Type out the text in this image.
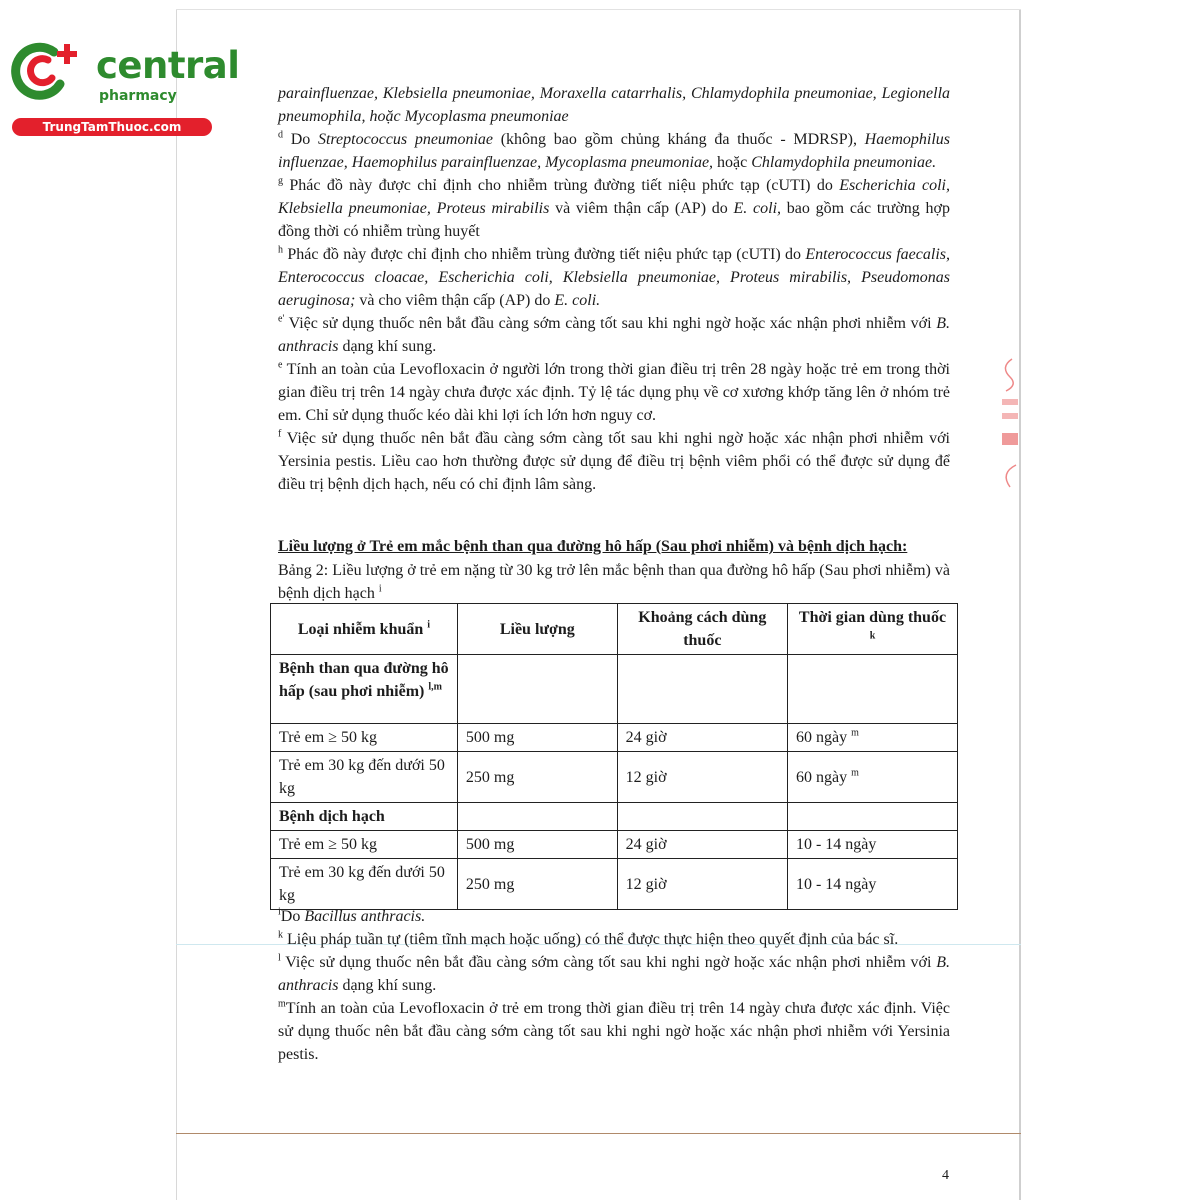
central
pharmacy
TrungTamThuoc.com

parainfluenzae, Klebsiella pneumoniae, Moraxella catarrhalis, Chlamydophila pneumoniae, Legionella pneumophila, hoặc Mycoplasma pneumoniae

$^d$ Do Streptococcus pneumoniae (không bao gồm chủng kháng đa thuốc - MDRSP), Haemophilus influenzae, Haemophilus parainfluenzae, Mycoplasma pneumoniae, hoặc Chlamydophila pneumoniae.

$^g$ Phác đồ này được chỉ định cho nhiễm trùng đường tiết niệu phức tạp (cUTI) do Escherichia coli, Klebsiella pneumoniae, Proteus mirabilis và viêm thận cấp (AP) do E. coli, bao gồm các trường hợp đồng thời có nhiễm trùng huyết

$^h$ Phác đồ này được chỉ định cho nhiễm trùng đường tiết niệu phức tạp (cUTI) do Enterococcus faecalis, Enterococcus cloacae, Escherichia coli, Klebsiella pneumoniae, Proteus mirabilis, Pseudomonas aeruginosa; và cho viêm thận cấp (AP) do E. coli.

$^{e'}$ Việc sử dụng thuốc nên bắt đầu càng sớm càng tốt sau khi nghi ngờ hoặc xác nhận phơi nhiễm với B. anthracis dạng khí sung.

$^e$ Tính an toàn của Levofloxacin ở người lớn trong thời gian điều trị trên 28 ngày hoặc trẻ em trong thời gian điều trị trên 14 ngày chưa được xác định. Tỷ lệ tác dụng phụ về cơ xương khớp tăng lên ở nhóm trẻ em. Chỉ sử dụng thuốc kéo dài khi lợi ích lớn hơn nguy cơ.

$^f$ Việc sử dụng thuốc nên bắt đầu càng sớm càng tốt sau khi nghi ngờ hoặc xác nhận phơi nhiễm với Yersinia pestis. Liều cao hơn thường được sử dụng để điều trị bệnh viêm phổi có thể được sử dụng để điều trị bệnh dịch hạch, nếu có chỉ định lâm sàng.

Liều lượng ở Trẻ em mắc bệnh than qua đường hô hấp (Sau phơi nhiễm) và bệnh dịch hạch:
Bảng 2: Liều lượng ở trẻ em nặng từ 30 kg trở lên mắc bệnh than qua đường hô hấp (Sau phơi nhiễm) và bệnh dịch hạch $^i$
Loại nhiễm khuẩn $^i$	Liều lượng	Khoảng cách dùng thuốc	Thời gian dùng thuốc $^k$
Bệnh than qua đường hô hấp (sau phơi nhiễm) $^{l,m}$			
Trẻ em ≥ 50 kg	500 mg	24 giờ	60 ngày $^m$
Trẻ em 30 kg đến dưới 50 kg	250 mg	12 giờ	60 ngày $^m$
Bệnh dịch hạch			
Trẻ em ≥ 50 kg	500 mg	24 giờ	10 - 14 ngày
Trẻ em 30 kg đến dưới 50 kg	250 mg	12 giờ	10 - 14 ngày

$^i$Do Bacillus anthracis.

$^k$ Liệu pháp tuần tự (tiêm tĩnh mạch hoặc uống) có thể được thực hiện theo quyết định của bác sĩ.

$^l$ Việc sử dụng thuốc nên bắt đầu càng sớm càng tốt sau khi nghi ngờ hoặc xác nhận phơi nhiễm với B. anthracis dạng khí sung.

$^m$Tính an toàn của Levofloxacin ở trẻ em trong thời gian điều trị trên 14 ngày chưa được xác định. Việc sử dụng thuốc nên bắt đầu càng sớm càng tốt sau khi nghi ngờ hoặc xác nhận phơi nhiễm với Yersinia pestis.

4
